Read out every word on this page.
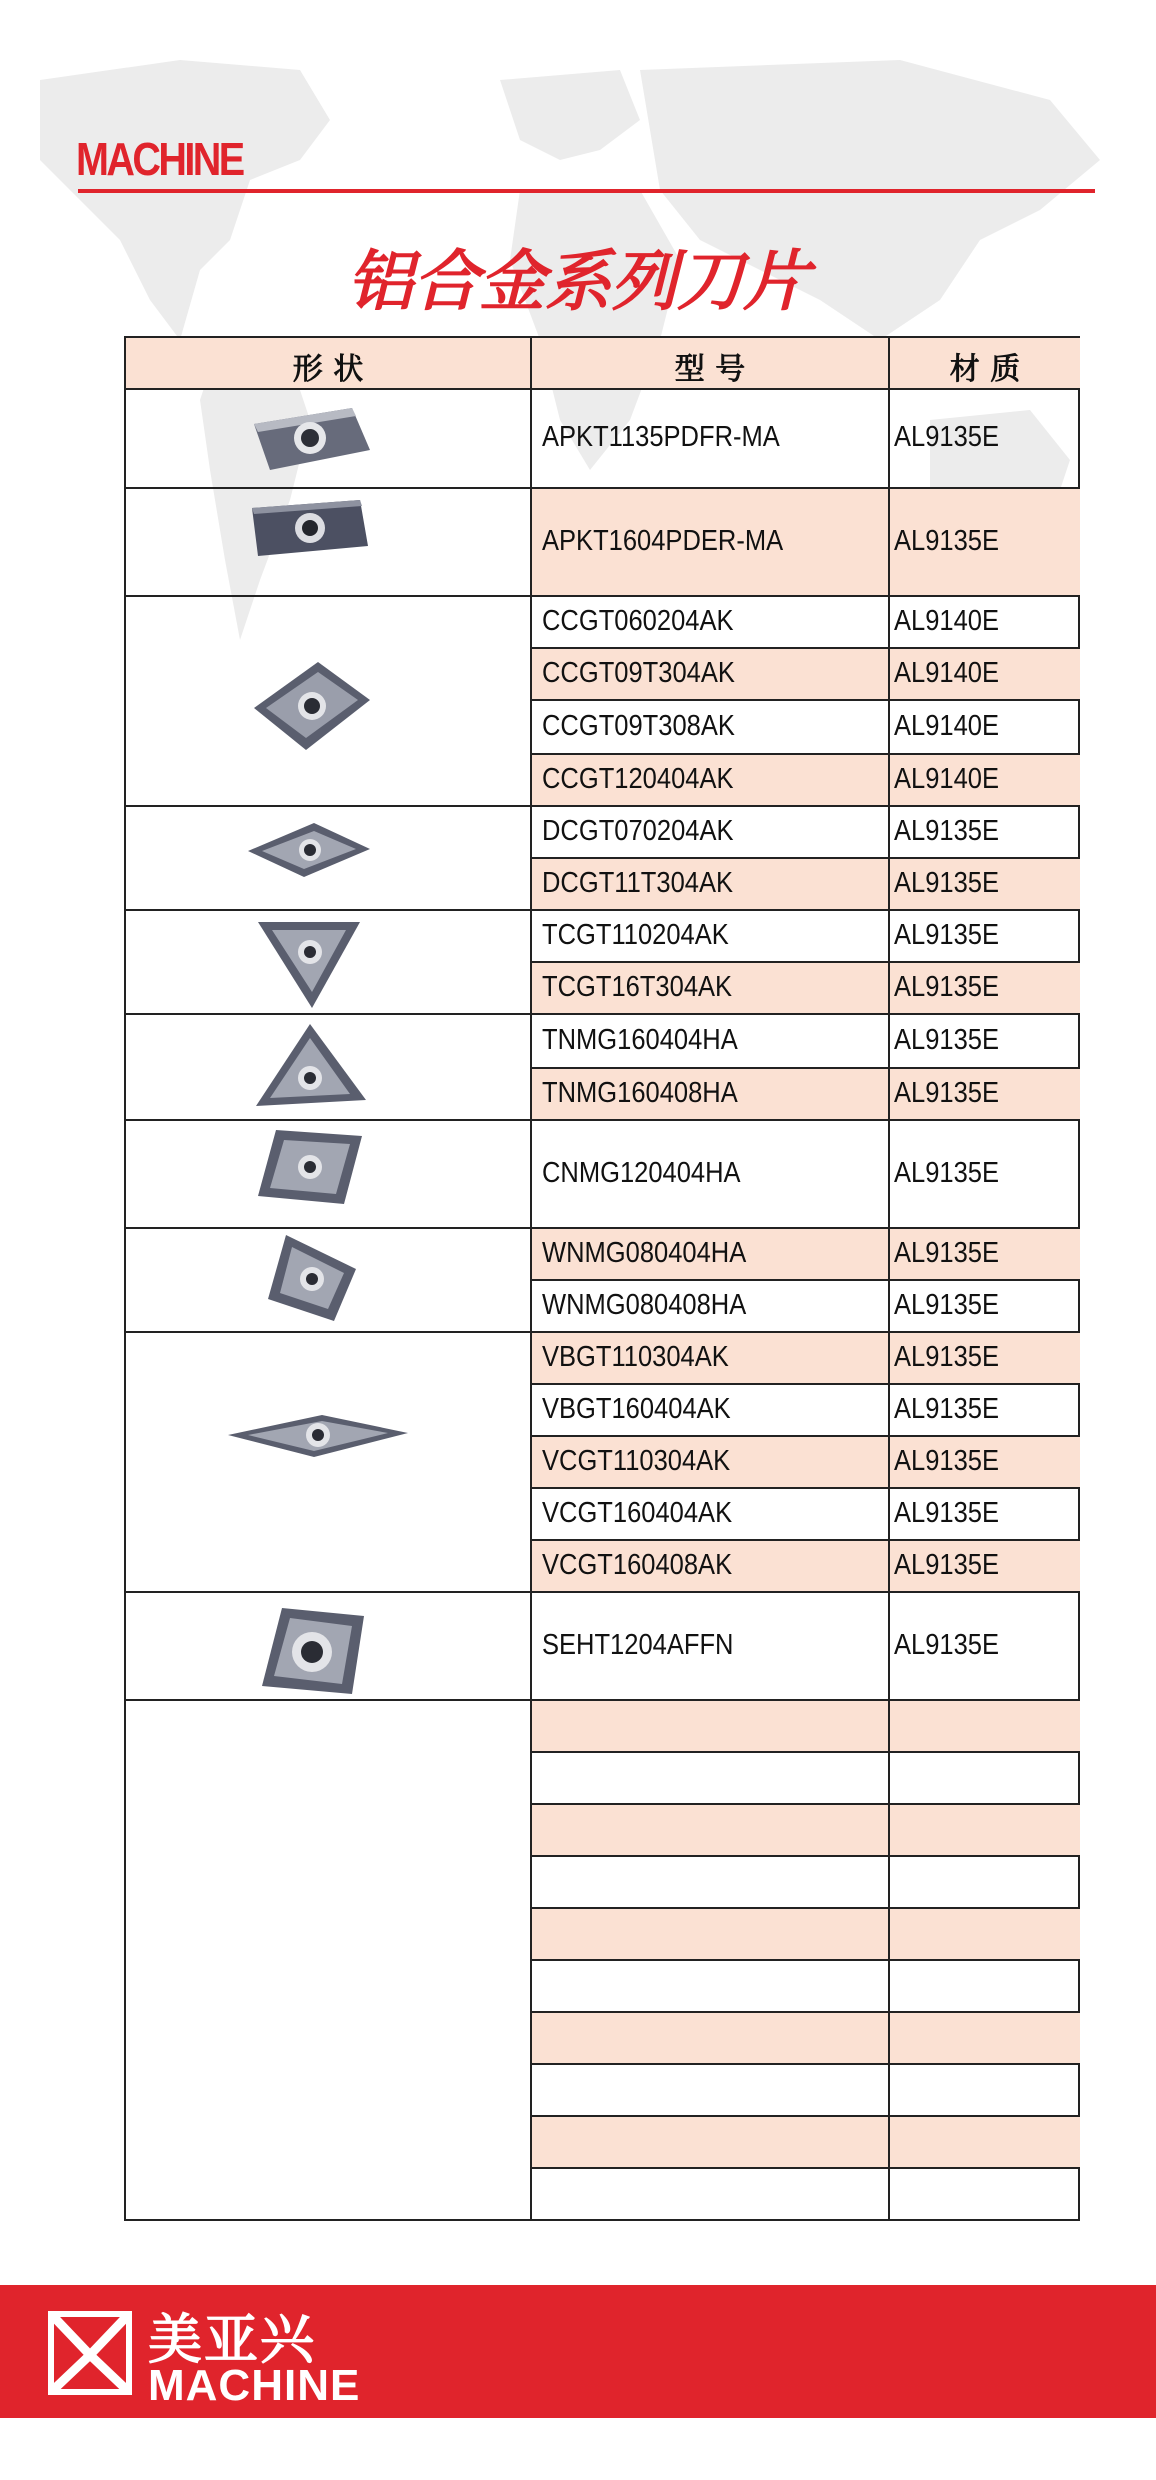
MACHINE
铝合金系列刀片
形 状	型 号	材 质
APKT1135PDFR-MA	AL9135E
APKT1604PDER-MA	AL9135E
CCGT060204AK	AL9140E
CCGT09T304AK	AL9140E
CCGT09T308AK	AL9140E
CCGT120404AK	AL9140E
DCGT070204AK	AL9135E
DCGT11T304AK	AL9135E
TCGT110204AK	AL9135E
TCGT16T304AK	AL9135E
TNMG160404HA	AL9135E
TNMG160408HA	AL9135E
CNMG120404HA	AL9135E
WNMG080404HA	AL9135E
WNMG080408HA	AL9135E
VBGT110304AK	AL9135E
VBGT160404AK	AL9135E
VCGT110304AK	AL9135E
VCGT160404AK	AL9135E
VCGT160408AK	AL9135E
SEHT1204AFFN	AL9135E
美亚兴
MACHINE
